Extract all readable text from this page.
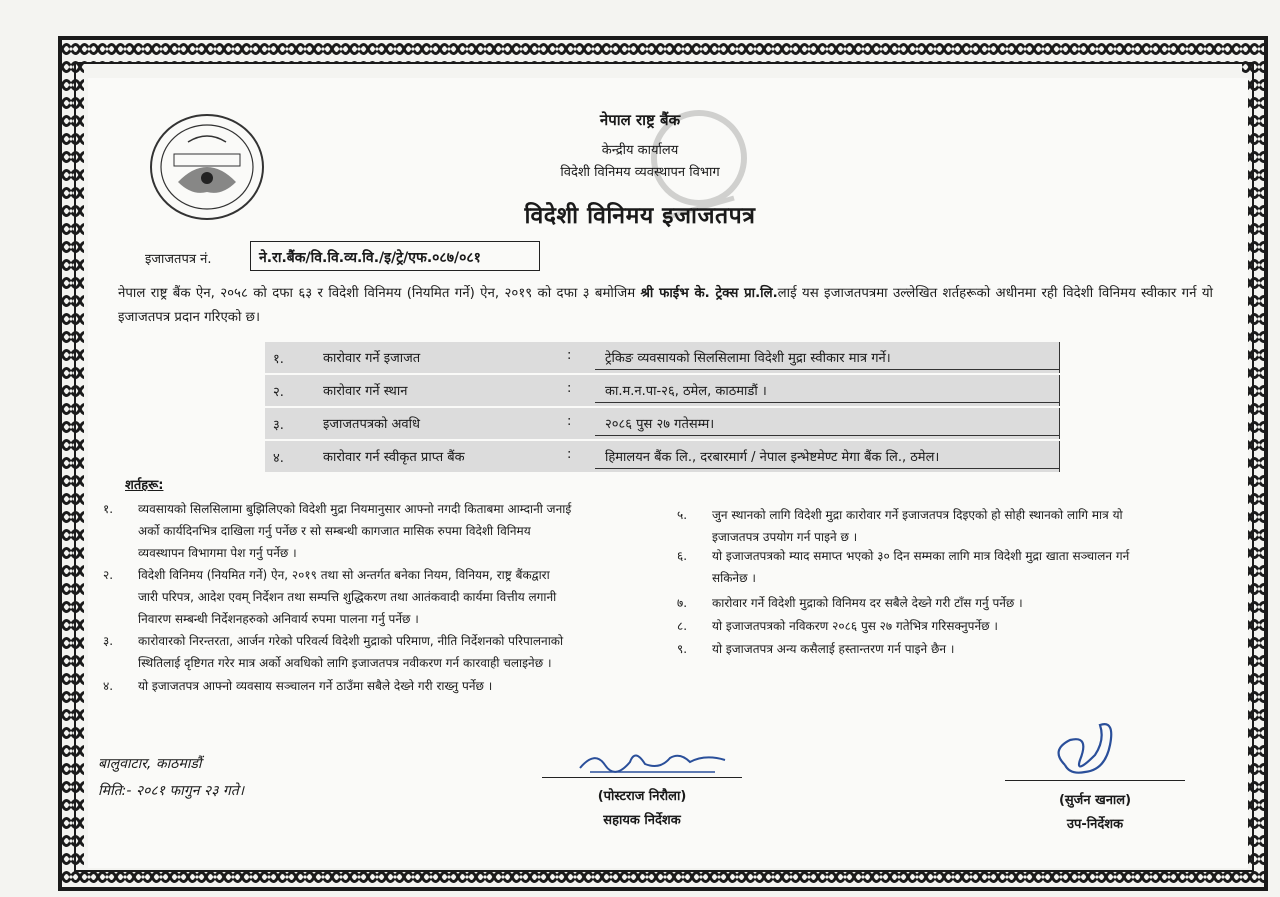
नेपाल राष्ट्र बैंक
केन्द्रीय कार्यालय
विदेशी विनिमय व्यवस्थापन विभाग
विदेशी विनिमय इजाजतपत्र
इजाजतपत्र नं.	ने.रा.बैंक/वि.वि.व्य.वि./इ/ट्रे/एफ.०८७/०८१
नेपाल राष्ट्र बैंक ऐन, २०५८ को दफा ६३ र विदेशी विनिमय (नियमित गर्ने) ऐन, २०१९ को दफा ३ बमोजिम श्री फाईभ के. ट्रेक्स प्रा.लि.लाई यस इजाजतपत्रमा उल्लेखित शर्तहरूको अधीनमा रही विदेशी विनिमय स्वीकार गर्न यो इजाजतपत्र प्रदान गरिएको छ।
१.	कारोवार गर्ने इजाजत	:	ट्रेकिङ व्यवसायको सिलसिलामा विदेशी मुद्रा स्वीकार मात्र गर्ने।
२.	कारोवार गर्ने स्थान	:	का.म.न.पा-२६, ठमेल, काठमाडौं ।
३.	इजाजतपत्रको अवधि	:	२०८६ पुस २७ गतेसम्म।
४.	कारोवार गर्न स्वीकृत प्राप्त बैंक	:	हिमालयन बैंक लि., दरबारमार्ग / नेपाल इन्भेष्टमेण्ट मेगा बैंक लि., ठमेल।
शर्तहरू:
१. व्यवसायको सिलसिलामा बुझिलिएको विदेशी मुद्रा नियमानुसार आफ्नो नगदी किताबमा आम्दानी जनाई
अर्को कार्यदिनभित्र दाखिला गर्नु पर्नेछ र सो सम्बन्धी कागजात मासिक रुपमा विदेशी विनिमय
व्यवस्थापन विभागमा पेश गर्नु पर्नेछ ।
२. विदेशी विनिमय (नियमित गर्ने) ऐन, २०१९ तथा सो अन्तर्गत बनेका नियम, विनियम, राष्ट्र बैंकद्वारा
जारी परिपत्र, आदेश एवम् निर्देशन तथा सम्पत्ति शुद्धिकरण तथा आतंकवादी कार्यमा वित्तीय लगानी
निवारण सम्बन्धी निर्देशनहरुको अनिवार्य रुपमा पालना गर्नु पर्नेछ ।
३. कारोवारको निरन्तरता, आर्जन गरेको परिवर्त्य विदेशी मुद्राको परिमाण, नीति निर्देशनको परिपालनाको
स्थितिलाई दृष्टिगत गरेर मात्र अर्को अवधिको लागि इजाजतपत्र नवीकरण गर्न कारवाही चलाइनेछ ।
४. यो इजाजतपत्र आफ्नो व्यवसाय सञ्चालन गर्ने ठाउँमा सबैले देख्ने गरी राख्नु पर्नेछ ।
५. जुन स्थानको लागि विदेशी मुद्रा कारोवार गर्ने इजाजतपत्र दिइएको हो सोही स्थानको लागि मात्र यो
इजाजतपत्र उपयोग गर्न पाइने छ ।
६. यो इजाजतपत्रको म्याद समाप्त भएको ३० दिन सम्मका लागि मात्र विदेशी मुद्रा खाता सञ्चालन गर्न
सकिनेछ ।
७. कारोवार गर्ने विदेशी मुद्राको विनिमय दर सबैले देख्ने गरी टाँस गर्नु पर्नेछ ।
८. यो इजाजतपत्रको नविकरण २०८६ पुस २७ गतेभित्र गरिसक्नुपर्नेछ ।
९. यो इजाजतपत्र अन्य कसैलाई हस्तान्तरण गर्न पाइने छैन ।
बालुवाटार, काठमाडौं
मिति:- २०८१ फागुन २३ गते।	(पोस्टराज निरौला)
सहायक निर्देशक
(सुर्जन खनाल)
उप-निर्देशक
